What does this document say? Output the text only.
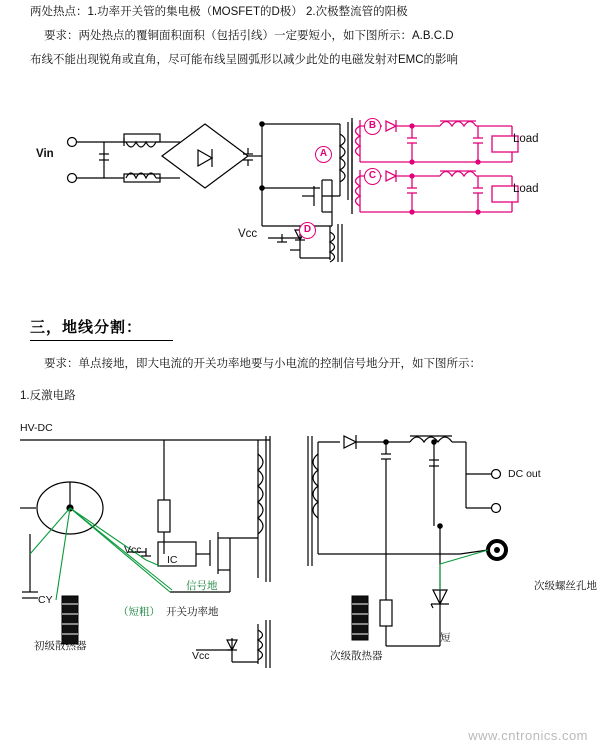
两处热点：1.功率开关管的集电极（MOSFET的D极） 2.次极整流管的阳极
要求：两处热点的覆铜面积面积（包括引线）一定要短小，如下图所示：A.B.C.D
布线不能出现锐角或直角，尽可能布线呈圆弧形以减少此处的电磁发射对EMC的影响
Vin
Vcc
Load
Load
A
B
C
D
三，地线分割：
要求：单点接地，即大电流的开关功率地要与小电流的控制信号地分开，如下图所示：
1.反激电路
HV-DC
CY
Vcc
Vcc
IC
信号地
（短粗） 开关功率地
初级散热器
DC out
次级螺丝孔地
短
次级散热器
www.cntronics.com
